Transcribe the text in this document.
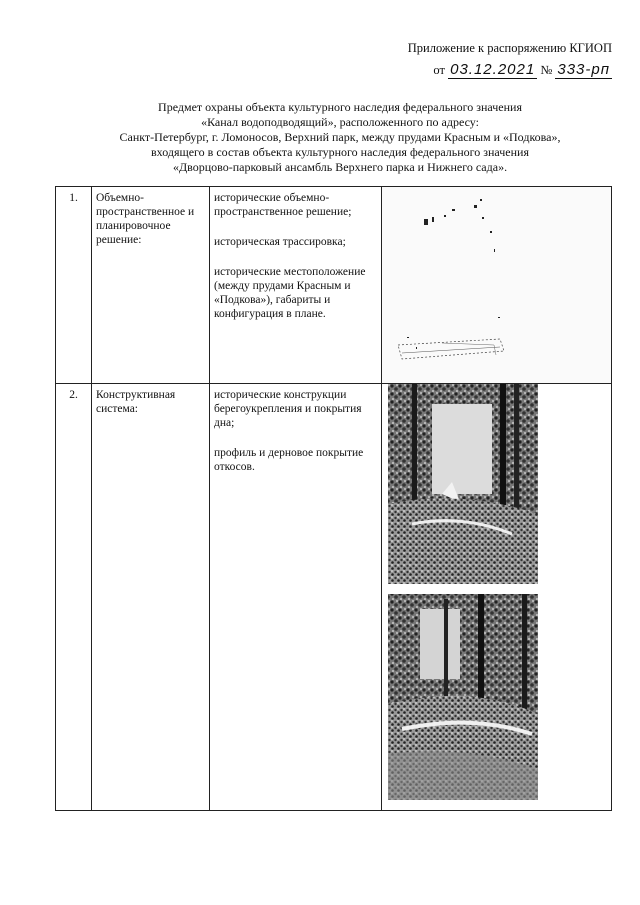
Приложение к распоряжению КГИОП
от 03.12.2021 № 333-рп
Предмет охраны объекта культурного наследия федерального значения
«Канал водоподводящий», расположенного по адресу:
Санкт-Петербург, г. Ломоносов, Верхний парк, между прудами Красным и «Подкова»,
входящего в состав объекта культурного наследия федерального значения
«Дворцово-парковый ансамбль Верхнего парка и Нижнего сада».
1.	Объемно-пространственное и планировочное решение:	исторические объемно-пространственное решение;

историческая трассировка;

исторические местоположение (между прудами Красным и «Подкова»), габариты и конфигурация в плане.

2.	Конструктивная система:	исторические конструкции берегоукрепления и покрытия дна;

профиль и дерновое покрытие откосов.
